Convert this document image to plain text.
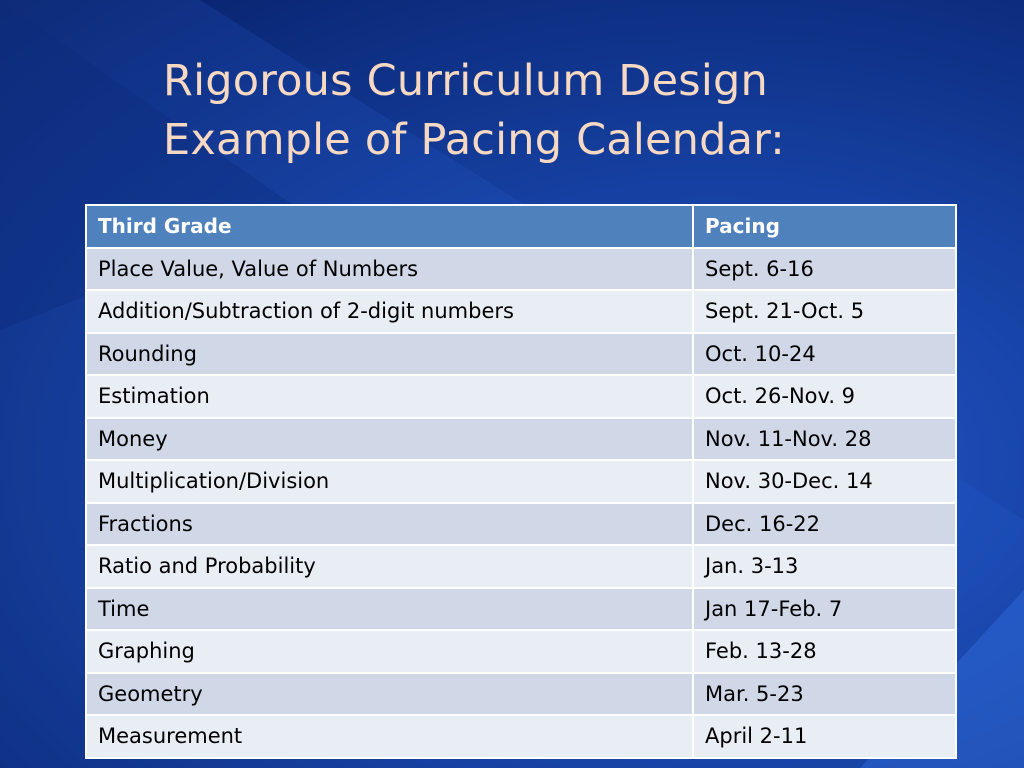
Rigorous Curriculum Design
Example of Pacing Calendar:
Third Grade	Pacing
Place Value, Value of Numbers	Sept. 6-16
Addition/Subtraction of 2-digit numbers	Sept. 21-Oct. 5
Rounding	Oct. 10-24
Estimation	Oct. 26-Nov. 9
Money	Nov. 11-Nov. 28
Multiplication/Division	Nov. 30-Dec. 14
Fractions	Dec. 16-22
Ratio and Probability	Jan. 3-13
Time	Jan 17-Feb. 7
Graphing	Feb. 13-28
Geometry	Mar. 5-23
Measurement	April 2-11
